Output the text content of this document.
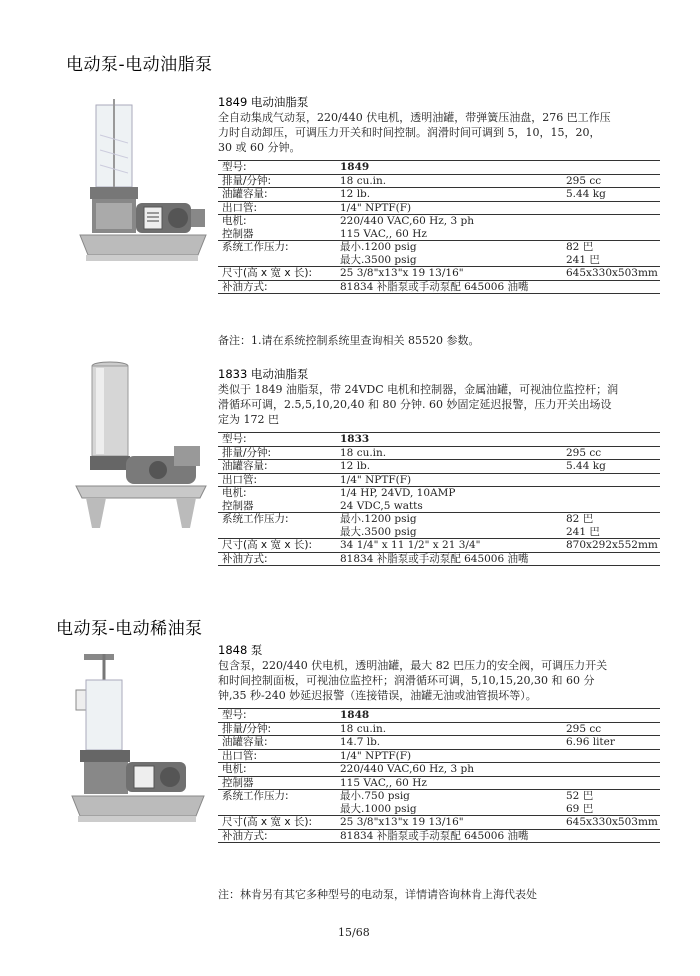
电动泵-电动油脂泵
1849 电动油脂泵
全自动集成气动泵，220/440 伏电机，透明油罐，带弹簧压油盘，276 巴工作压
力时自动卸压，可调压力开关和时间控制。润滑时间可调到 5，10，15，20，
30 或 60 分钟。
型号:	1849	
排量/分钟:	18 cu.in.	295 cc
油罐容量:	12 lb.	5.44 kg
出口管:	1/4" NPTF(F)	
电机:	220/440 VAC,60 Hz, 3 ph	
控制器	115 VAC,, 60 Hz	
系统工作压力:	最小.1200 psig	82 巴
	最大.3500 psig	241 巴
尺寸(高 x 宽 x 长):	25 3/8"x13"x 19 13/16"	645x330x503mm
补油方式:	81834 补脂泵或手动泵配 645006 油嘴	
备注：1.请在系统控制系统里查询相关 85520 参数。
1833 电动油脂泵
类似于 1849 油脂泵，带 24VDC 电机和控制器，金属油罐，可视油位监控杆；润
滑循环可调，2.5,5,10,20,40 和 80 分钟. 60 妙固定延迟报警，压力开关出场设
定为 172 巴
型号:	1833	
排量/分钟:	18 cu.in.	295 cc
油罐容量:	12 lb.	5.44 kg
出口管:	1/4" NPTF(F)	
电机:	1/4 HP, 24VD, 10AMP	
控制器	24 VDC,5 watts	
系统工作压力:	最小.1200 psig	82 巴
	最大.3500 psig	241 巴
尺寸(高 x 宽 x 长):	34 1/4" x 11 1/2" x 21 3/4"	870x292x552mm
补油方式:	81834 补脂泵或手动泵配 645006 油嘴	
电动泵-电动稀油泵
1848 泵
包含泵，220/440 伏电机，透明油罐，最大 82 巴压力的安全阀，可调压力开关
和时间控制面板，可视油位监控杆；润滑循环可调，5,10,15,20,30 和 60 分
钟,35 秒-240 妙延迟报警（连接错误，油罐无油或油管损坏等）。
型号:	1848	
排量/分钟:	18 cu.in.	295 cc
油罐容量:	14.7 lb.	6.96 liter
出口管:	1/4" NPTF(F)	
电机:	220/440 VAC,60 Hz, 3 ph	
控制器	115 VAC,, 60 Hz	
系统工作压力:	最小.750 psig	52 巴
	最大.1000 psig	69 巴
尺寸(高 x 宽 x 长):	25 3/8"x13"x 19 13/16"	645x330x503mm
补油方式:	81834 补脂泵或手动泵配 645006 油嘴	
注：林肯另有其它多种型号的电动泵，详情请咨询林肯上海代表处
15/68
